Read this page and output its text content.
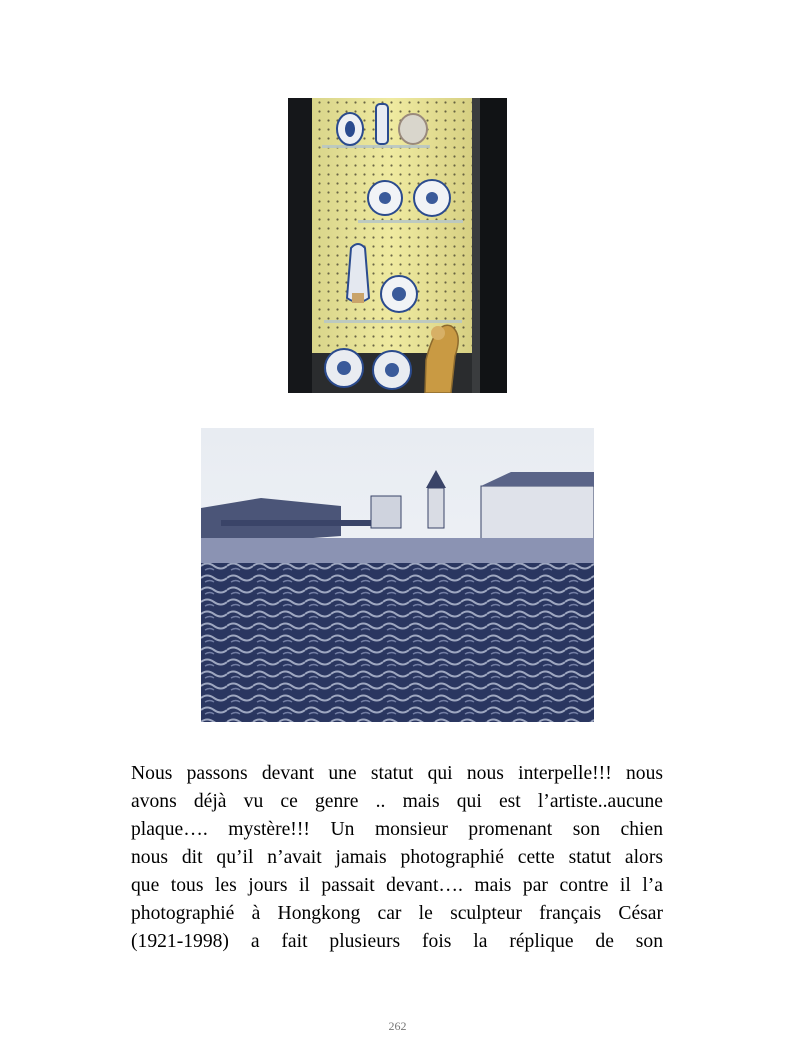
Nous passons devant une statut qui nous interpelle!!! nous
avons déjà vu ce genre .. mais qui est l’artiste..aucune
plaque…. mystère!!! Un monsieur promenant son chien
nous dit qu’il n’avait jamais photographié cette statut alors
que tous les jours il passait devant…. mais par contre il l’a
photographié à Hongkong car le sculpteur français César
(1921-1998) a fait plusieurs fois la réplique de son
262
